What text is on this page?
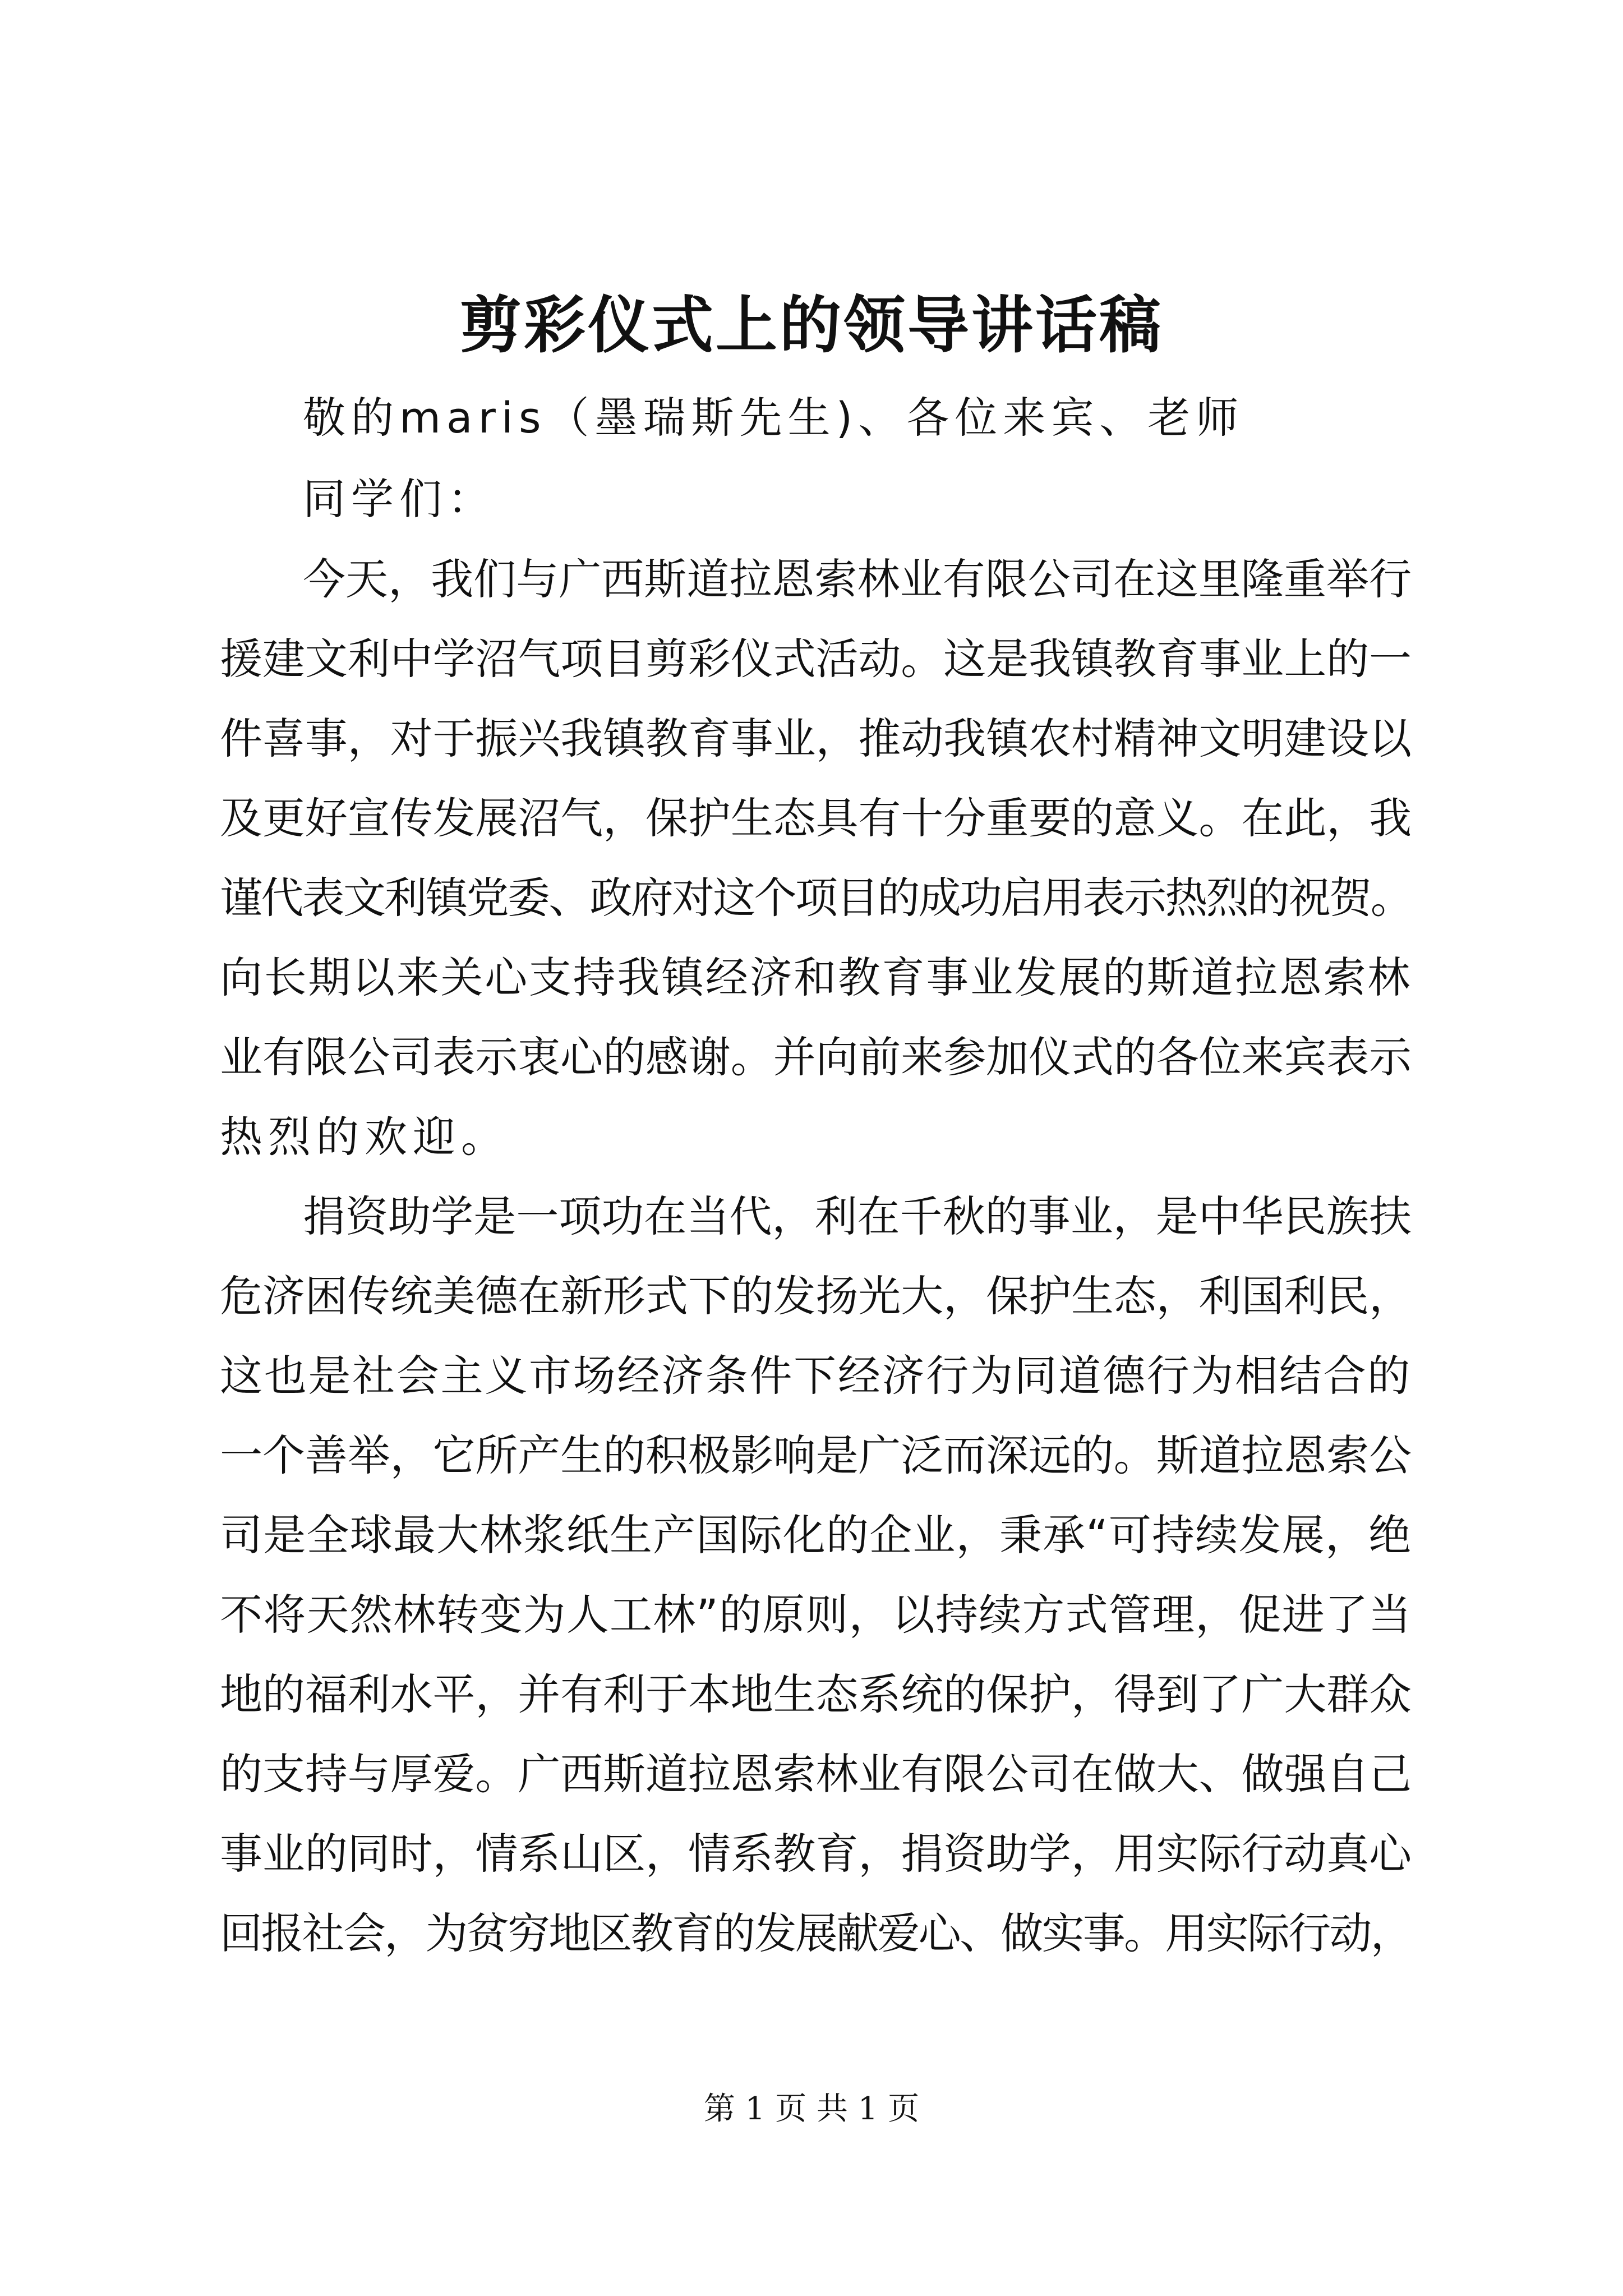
剪彩仪式上的领导讲话稿

敬的maris（墨瑞斯先生)、各位来宾、老师

同学们：

今天，我们与广西斯道拉恩索林业有限公司在这里隆重举行

援建文利中学沼气项目剪彩仪式活动。这是我镇教育事业上的一

件喜事，对于振兴我镇教育事业，推动我镇农村精神文明建设以

及更好宣传发展沼气，保护生态具有十分重要的意义。在此，我

谨代表文利镇党委、政府对这个项目的成功启用表示热烈的祝贺。

向长期以来关心支持我镇经济和教育事业发展的斯道拉恩索林

业有限公司表示衷心的感谢。并向前来参加仪式的各位来宾表示

热烈的欢迎。

捐资助学是一项功在当代，利在千秋的事业，是中华民族扶

危济困传统美德在新形式下的发扬光大，保护生态，利国利民，

这也是社会主义市场经济条件下经济行为同道德行为相结合的

一个善举，它所产生的积极影响是广泛而深远的。斯道拉恩索公

司是全球最大林浆纸生产国际化的企业，秉承“可持续发展，绝

不将天然林转变为人工林”的原则，以持续方式管理，促进了当

地的福利水平，并有利于本地生态系统的保护，得到了广大群众

的支持与厚爱。广西斯道拉恩索林业有限公司在做大、做强自己

事业的同时，情系山区，情系教育，捐资助学，用实际行动真心

回报社会，为贫穷地区教育的发展献爱心、做实事。用实际行动，

第 1 页 共 1 页
